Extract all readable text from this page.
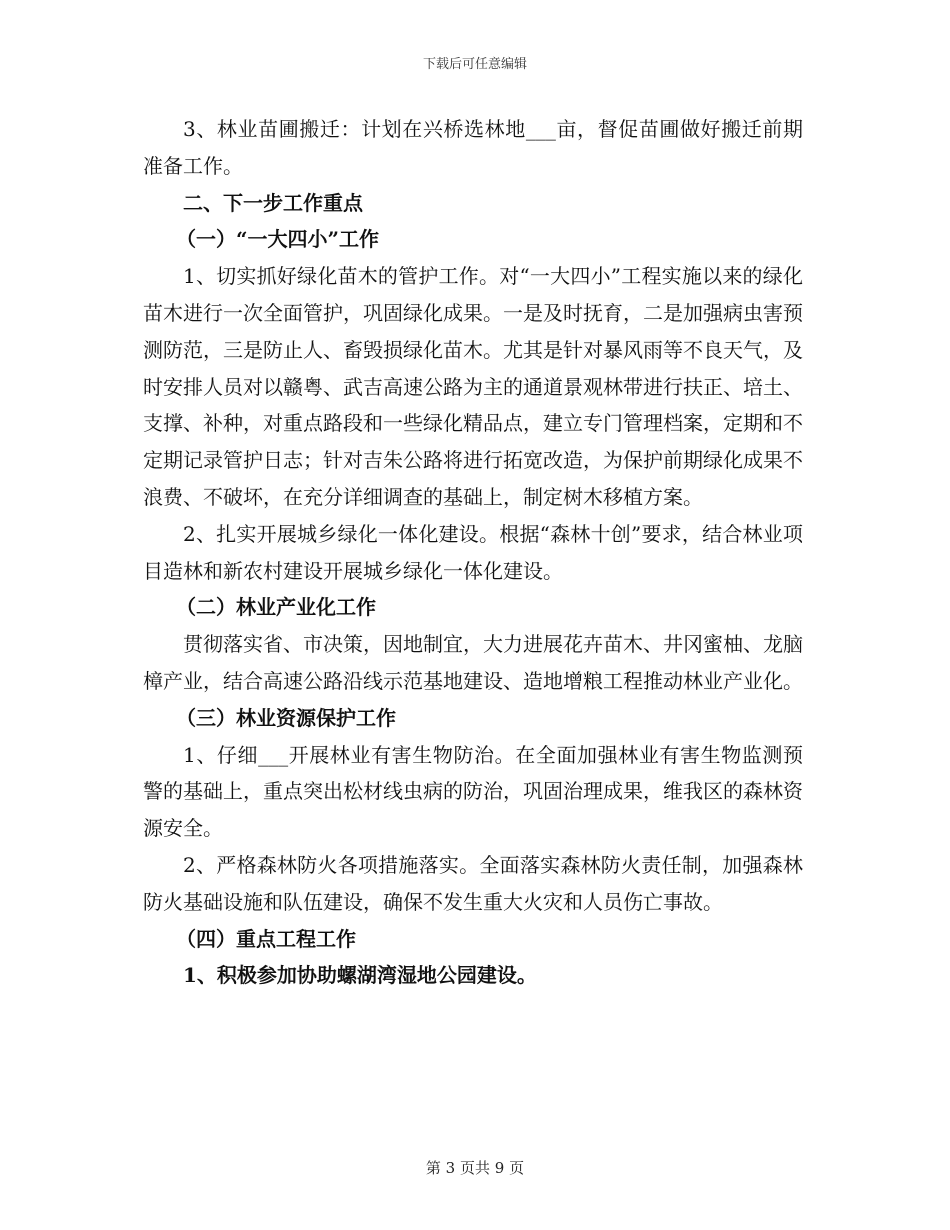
下载后可任意编辑

3、林业苗圃搬迁：计划在兴桥选林地___亩，督促苗圃做好搬迁前期准备工作。

二、下一步工作重点

（一）“一大四小”工作

1、切实抓好绿化苗木的管护工作。对“一大四小”工程实施以来的绿化苗木进行一次全面管护，巩固绿化成果。一是及时抚育，二是加强病虫害预测防范，三是防止人、畜毁损绿化苗木。尤其是针对暴风雨等不良天气，及时安排人员对以赣粤、武吉高速公路为主的通道景观林带进行扶正、培土、支撑、补种，对重点路段和一些绿化精品点，建立专门管理档案，定期和不定期记录管护日志；针对吉朱公路将进行拓宽改造，为保护前期绿化成果不浪费、不破坏，在充分详细调查的基础上，制定树木移植方案。

2、扎实开展城乡绿化一体化建设。根据“森林十创”要求，结合林业项目造林和新农村建设开展城乡绿化一体化建设。

（二）林业产业化工作

贯彻落实省、市决策，因地制宜，大力进展花卉苗木、井冈蜜柚、龙脑樟产业，结合高速公路沿线示范基地建设、造地增粮工程推动林业产业化。

（三）林业资源保护工作

1、仔细___开展林业有害生物防治。在全面加强林业有害生物监测预警的基础上，重点突出松材线虫病的防治，巩固治理成果，维我区的森林资源安全。

2、严格森林防火各项措施落实。全面落实森林防火责任制，加强森林防火基础设施和队伍建设，确保不发生重大火灾和人员伤亡事故。

（四）重点工程工作

1、积极参加协助螺湖湾湿地公园建设。

第 3 页共 9 页
